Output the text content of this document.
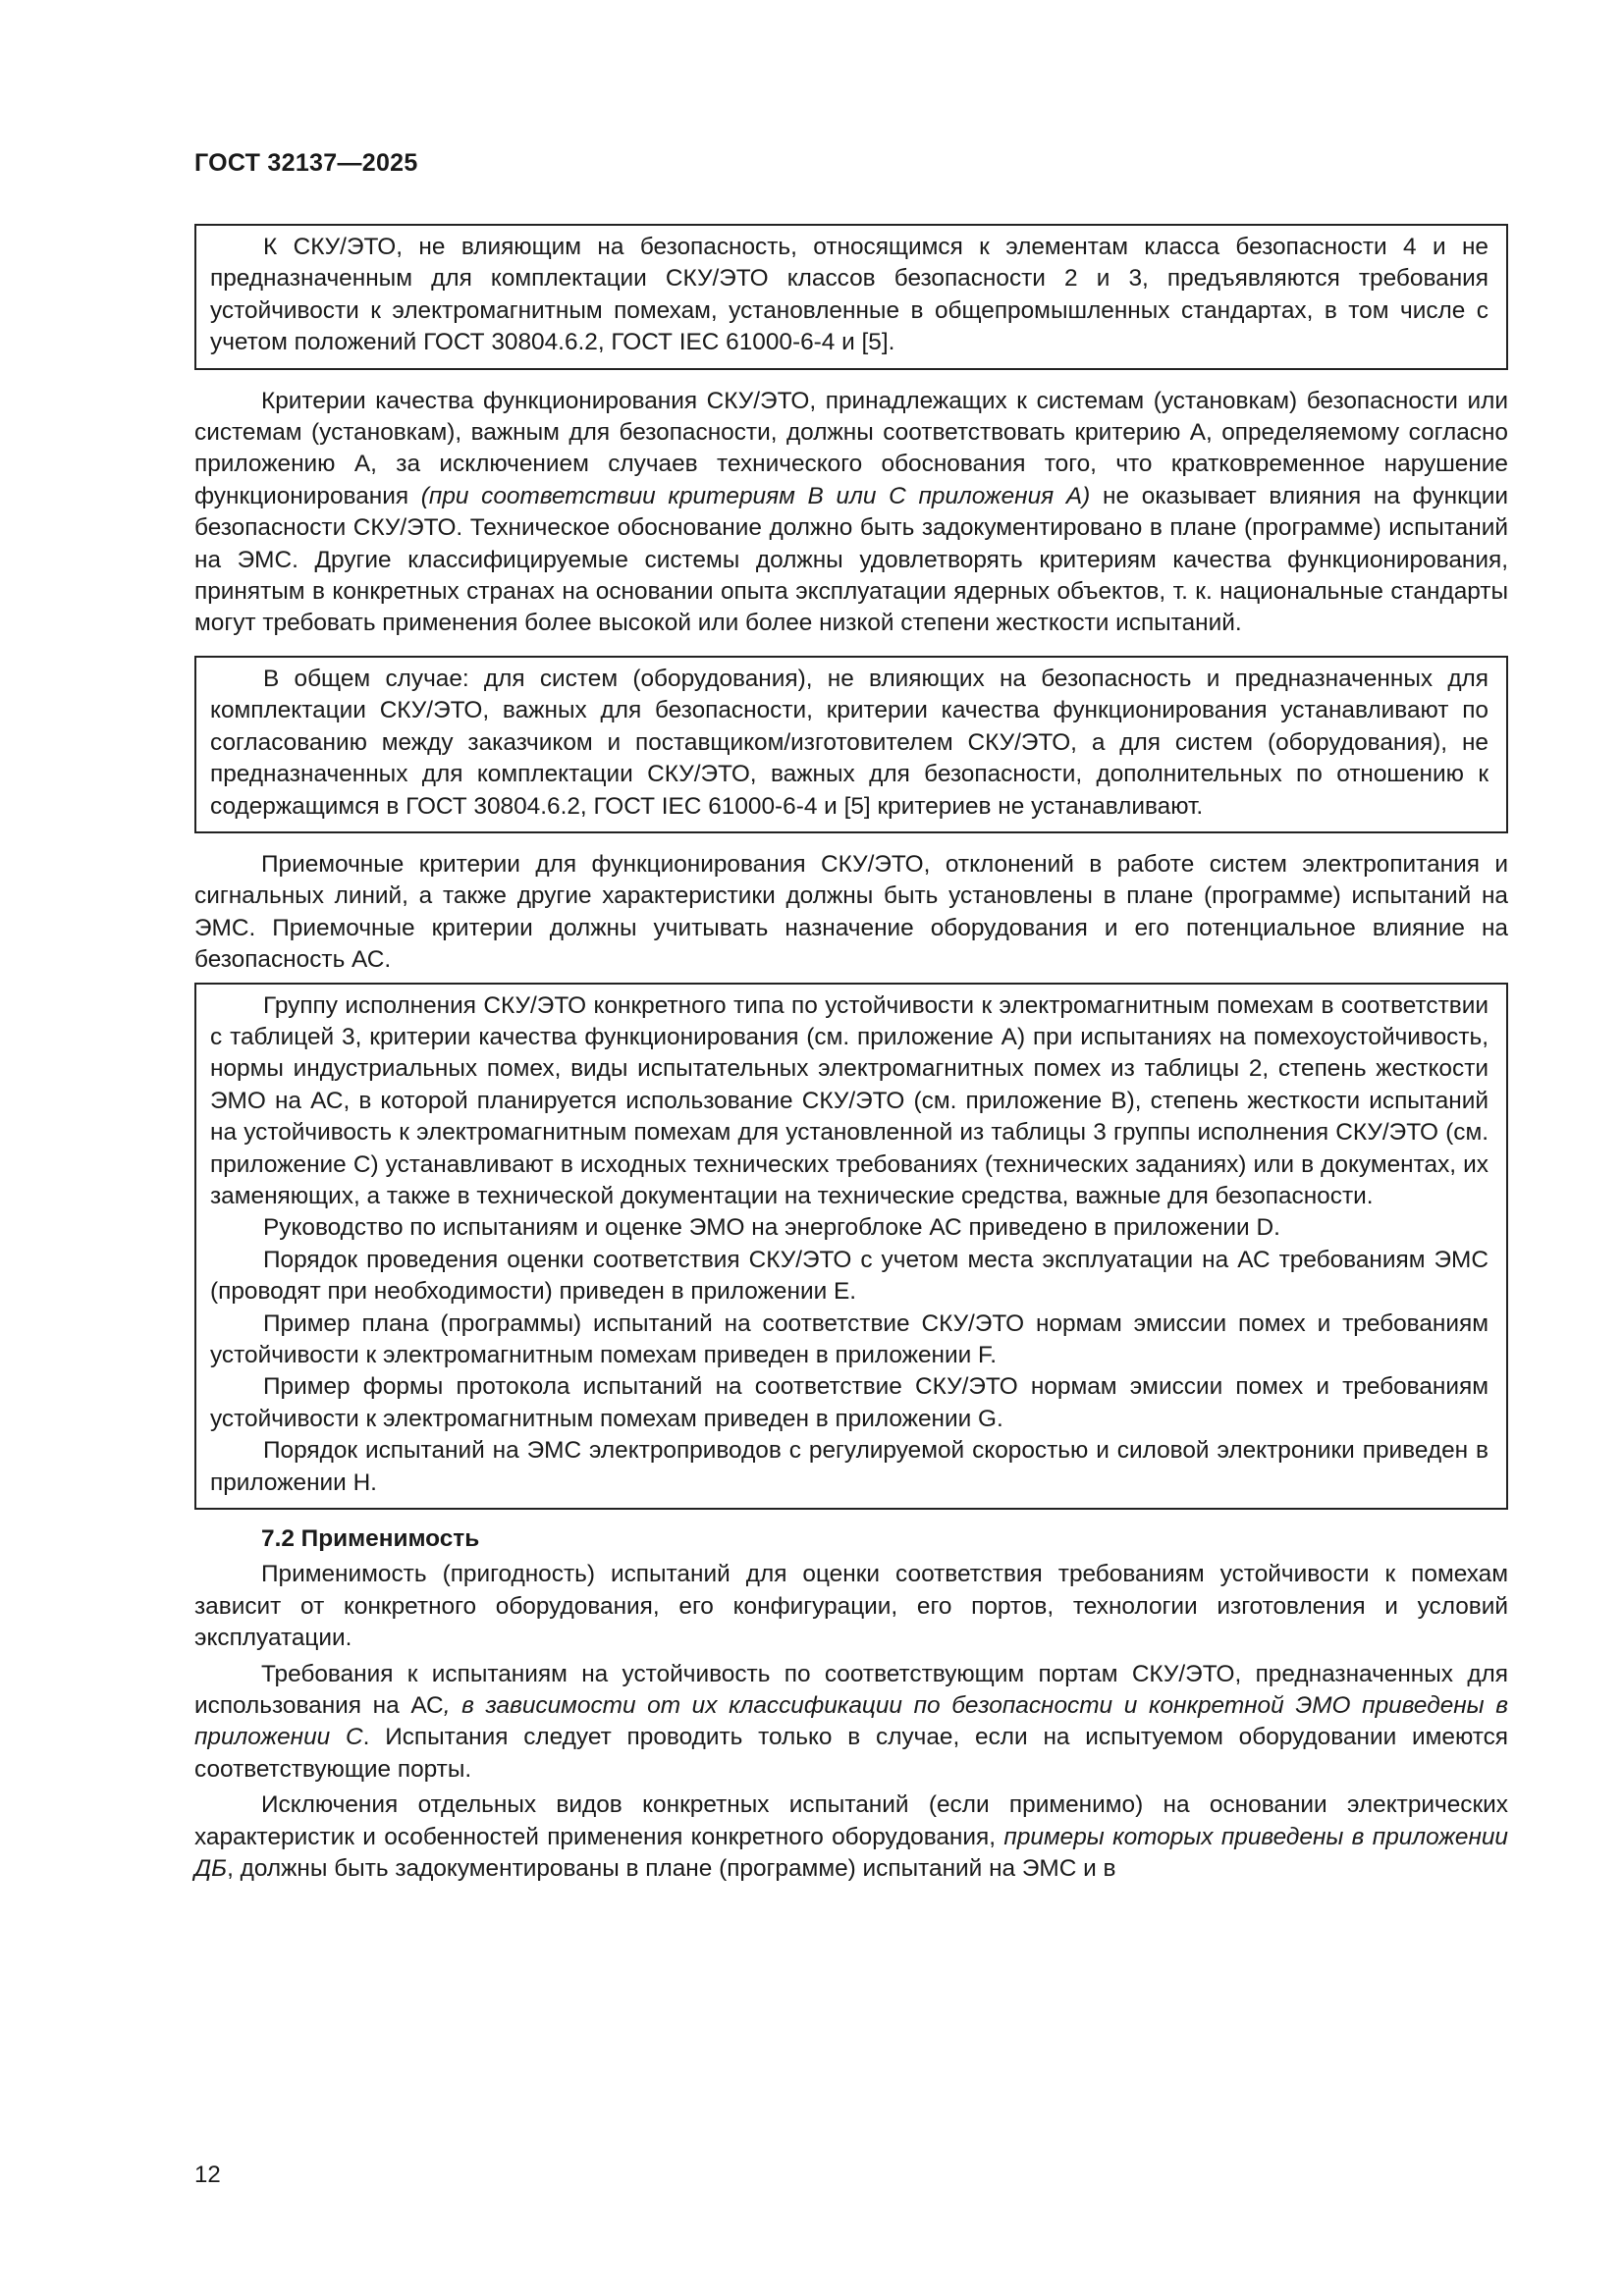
ГОСТ 32137—2025

К СКУ/ЭТО, не влияющим на безопасность, относящимся к элементам класса безопасности 4 и не предназначенным для комплектации СКУ/ЭТО классов безопасности 2 и 3, предъявляются требования устойчивости к электромагнитным помехам, установленные в общепромышленных стандартах, в том числе с учетом положений ГОСТ 30804.6.2, ГОСТ IEC 61000-6-4 и [5].

Критерии качества функционирования СКУ/ЭТО, принадлежащих к системам (установкам) безопасности или системам (установкам), важным для безопасности, должны соответствовать критерию А, определяемому согласно приложению А, за исключением случаев технического обоснования того, что кратковременное нарушение функционирования (при соответствии критериям В или С приложения А) не оказывает влияния на функции безопасности СКУ/ЭТО. Техническое обоснование должно быть задокументировано в плане (программе) испытаний на ЭМС. Другие классифицируемые системы должны удовлетворять критериям качества функционирования, принятым в конкретных странах на основании опыта эксплуатации ядерных объектов, т. к. национальные стандарты могут требовать применения более высокой или более низкой степени жесткости испытаний.

В общем случае: для систем (оборудования), не влияющих на безопасность и предназначенных для комплектации СКУ/ЭТО, важных для безопасности, критерии качества функционирования устанавливают по согласованию между заказчиком и поставщиком/изготовителем СКУ/ЭТО, а для систем (оборудования), не предназначенных для комплектации СКУ/ЭТО, важных для безопасности, дополнительных по отношению к содержащимся в ГОСТ 30804.6.2, ГОСТ IEC 61000-6-4 и [5] критериев не устанавливают.

Приемочные критерии для функционирования СКУ/ЭТО, отклонений в работе систем электропитания и сигнальных линий, а также другие характеристики должны быть установлены в плане (программе) испытаний на ЭМС. Приемочные критерии должны учитывать назначение оборудования и его потенциальное влияние на безопасность АС.

Группу исполнения СКУ/ЭТО конкретного типа по устойчивости к электромагнитным помехам в соответствии с таблицей 3, критерии качества функционирования (см. приложение А) при испытаниях на помехоустойчивость, нормы индустриальных помех, виды испытательных электромагнитных помех из таблицы 2, степень жесткости ЭМО на АС, в которой планируется использование СКУ/ЭТО (см. приложение В), степень жесткости испытаний на устойчивость к электромагнитным помехам для установленной из таблицы 3 группы исполнения СКУ/ЭТО (см. приложение С) устанавливают в исходных технических требованиях (технических заданиях) или в документах, их заменяющих, а также в технической документации на технические средства, важные для безопасности.

Руководство по испытаниям и оценке ЭМО на энергоблоке АС приведено в приложении D.

Порядок проведения оценки соответствия СКУ/ЭТО с учетом места эксплуатации на АС требованиям ЭМС (проводят при необходимости) приведен в приложении Е.

Пример плана (программы) испытаний на соответствие СКУ/ЭТО нормам эмиссии помех и требованиям устойчивости к электромагнитным помехам приведен в приложении F.

Пример формы протокола испытаний на соответствие СКУ/ЭТО нормам эмиссии помех и требованиям устойчивости к электромагнитным помехам приведен в приложении G.

Порядок испытаний на ЭМС электроприводов с регулируемой скоростью и силовой электроники приведен в приложении Н.

7.2 Применимость

Применимость (пригодность) испытаний для оценки соответствия требованиям устойчивости к помехам зависит от конкретного оборудования, его конфигурации, его портов, технологии изготовления и условий эксплуатации.

Требования к испытаниям на устойчивость по соответствующим портам СКУ/ЭТО, предназначенных для использования на АС, в зависимости от их классификации по безопасности и конкретной ЭМО приведены в приложении С. Испытания следует проводить только в случае, если на испытуемом оборудовании имеются соответствующие порты.

Исключения отдельных видов конкретных испытаний (если применимо) на основании электрических характеристик и особенностей применения конкретного оборудования, примеры которых приведены в приложении ДБ, должны быть задокументированы в плане (программе) испытаний на ЭМС и в

12
